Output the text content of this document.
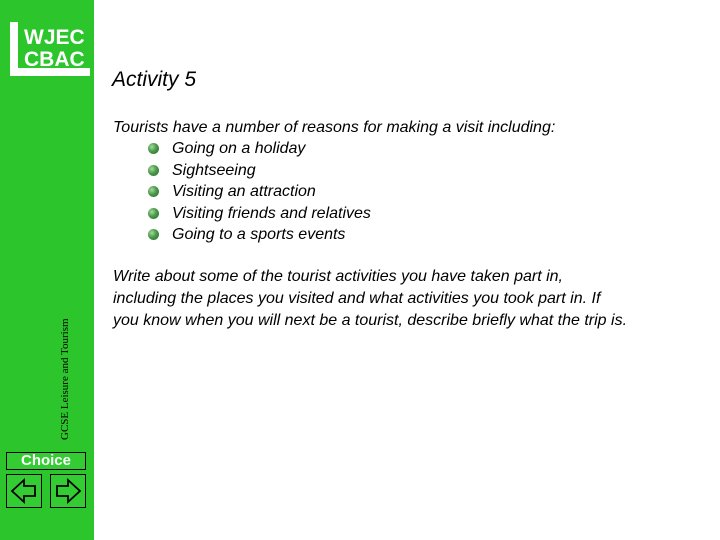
WJEC
CBAC
GCSE Leisure and Tourism
Choice
Activity 5
Tourists have a number of reasons for making a visit including:
Going on a holiday
Sightseeing
Visiting an attraction
Visiting friends and relatives
Going to a sports events
Write about some of the tourist activities you have taken part in,
including the places you visited and what activities you took part in. If
you know when you will next be a tourist, describe briefly what the trip is.
